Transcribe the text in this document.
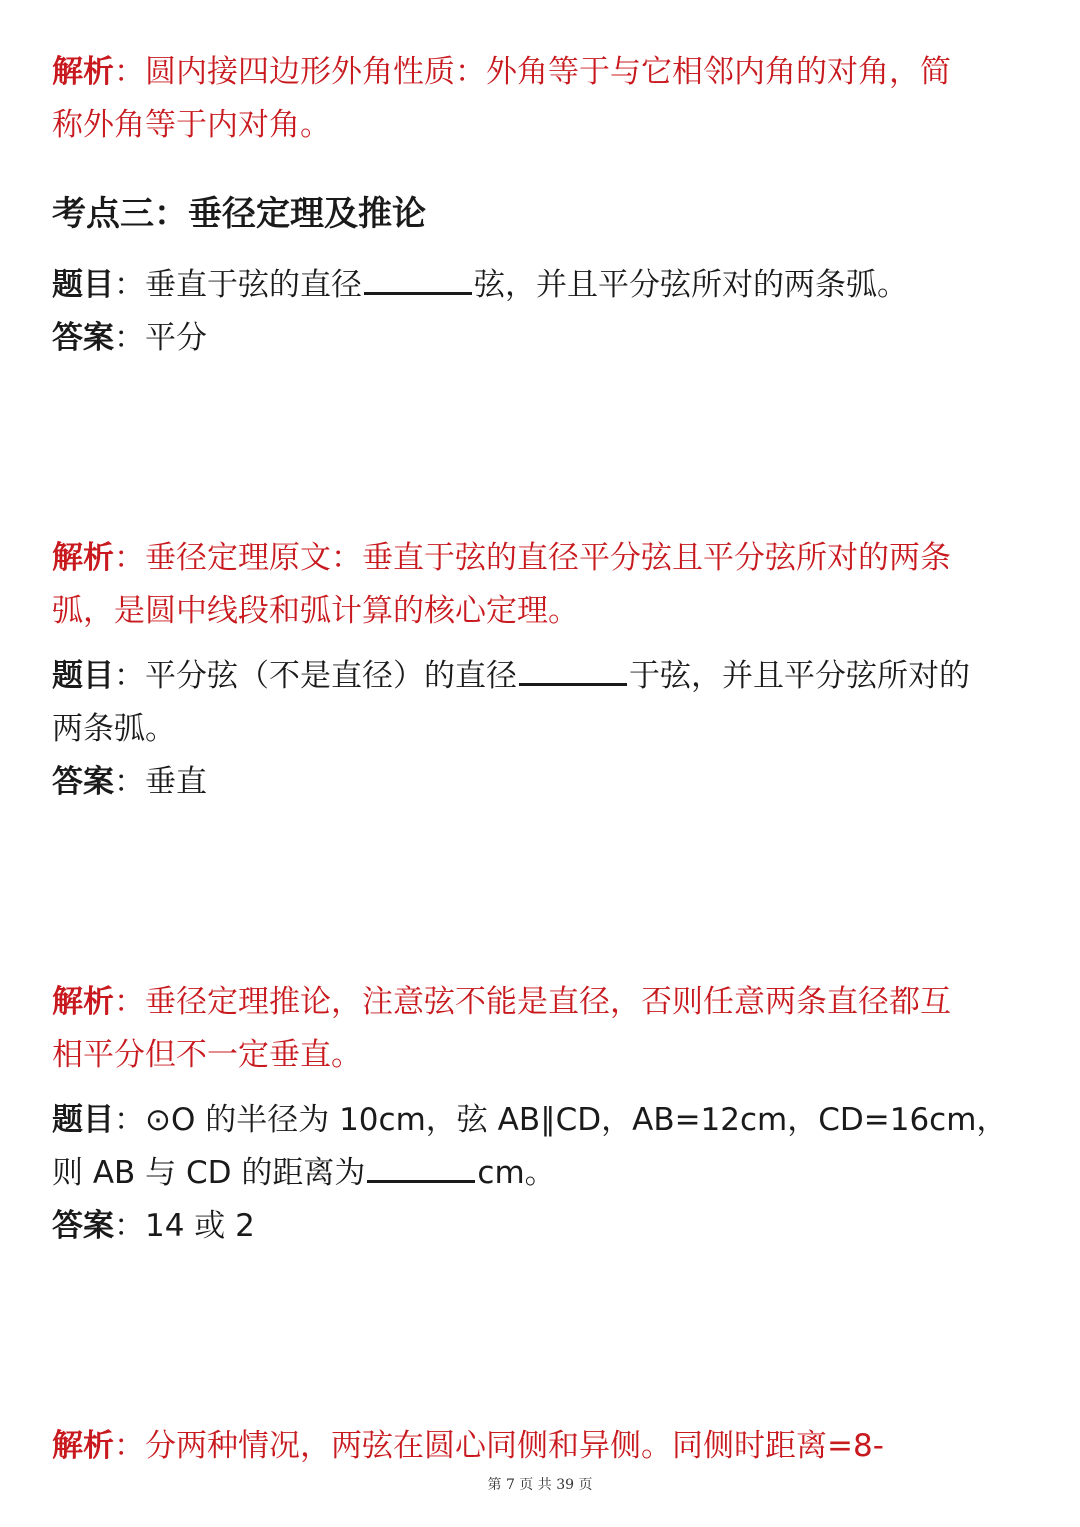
解析：圆内接四边形外角性质：外角等于与它相邻内角的对角，简
称外角等于内对角。
考点三：垂径定理及推论
题目：垂直于弦的直径	弦，并且平分弦所对的两条弧。
答案：平分
解析：垂径定理原文：垂直于弦的直径平分弦且平分弦所对的两条
弧，是圆中线段和弧计算的核心定理。
题目：平分弦（不是直径）的直径	于弦，并且平分弦所对的
两条弧。
答案：垂直
解析：垂径定理推论，注意弦不能是直径，否则任意两条直径都互
相平分但不一定垂直。
题目：⊙O 的半径为 10cm，弦 AB∥CD，AB=12cm，CD=16cm，
则 AB 与 CD 的距离为	cm。
答案：14 或 2
解析：分两种情况，两弦在圆心同侧和异侧。同侧时距离=8-
第 7 页 共 39 页
